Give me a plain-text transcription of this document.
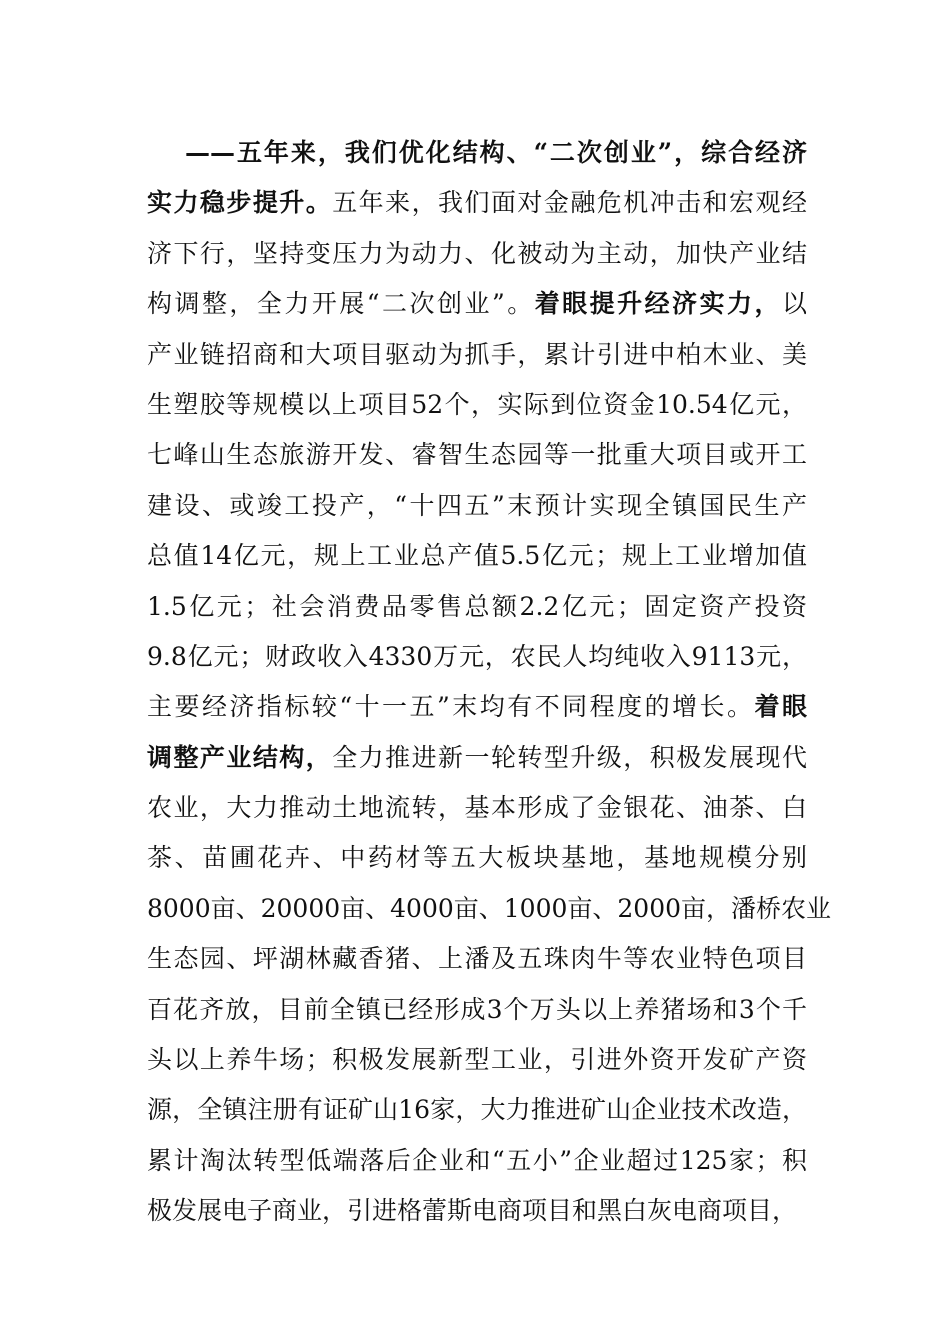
——五年来，我们优化结构、“二次创业”，综合经济
实力稳步提升。五年来，我们面对金融危机冲击和宏观经
济下行，坚持变压力为动力、化被动为主动，加快产业结
构调整，全力开展“二次创业”。着眼提升经济实力，以
产业链招商和大项目驱动为抓手，累计引进中柏木业、美
生塑胶等规模以上项目52个，实际到位资金10.54亿元，
七峰山生态旅游开发、睿智生态园等一批重大项目或开工
建设、或竣工投产，“十四五”末预计实现全镇国民生产
总值14亿元，规上工业总产值5.5亿元；规上工业增加值
1.5亿元；社会消费品零售总额2.2亿元；固定资产投资
9.8亿元；财政收入4330万元，农民人均纯收入9113元，
主要经济指标较“十一五”末均有不同程度的增长。着眼
调整产业结构，全力推进新一轮转型升级，积极发展现代
农业，大力推动土地流转，基本形成了金银花、油茶、白
茶、苗圃花卉、中药材等五大板块基地，基地规模分别
8000亩、20000亩、4000亩、1000亩、2000亩，潘桥农业
生态园、坪湖林藏香猪、上潘及五珠肉牛等农业特色项目
百花齐放，目前全镇已经形成3个万头以上养猪场和3个千
头以上养牛场；积极发展新型工业，引进外资开发矿产资
源，全镇注册有证矿山16家，大力推进矿山企业技术改造，
累计淘汰转型低端落后企业和“五小”企业超过125家；积
极发展电子商业，引进格蕾斯电商项目和黑白灰电商项目，
